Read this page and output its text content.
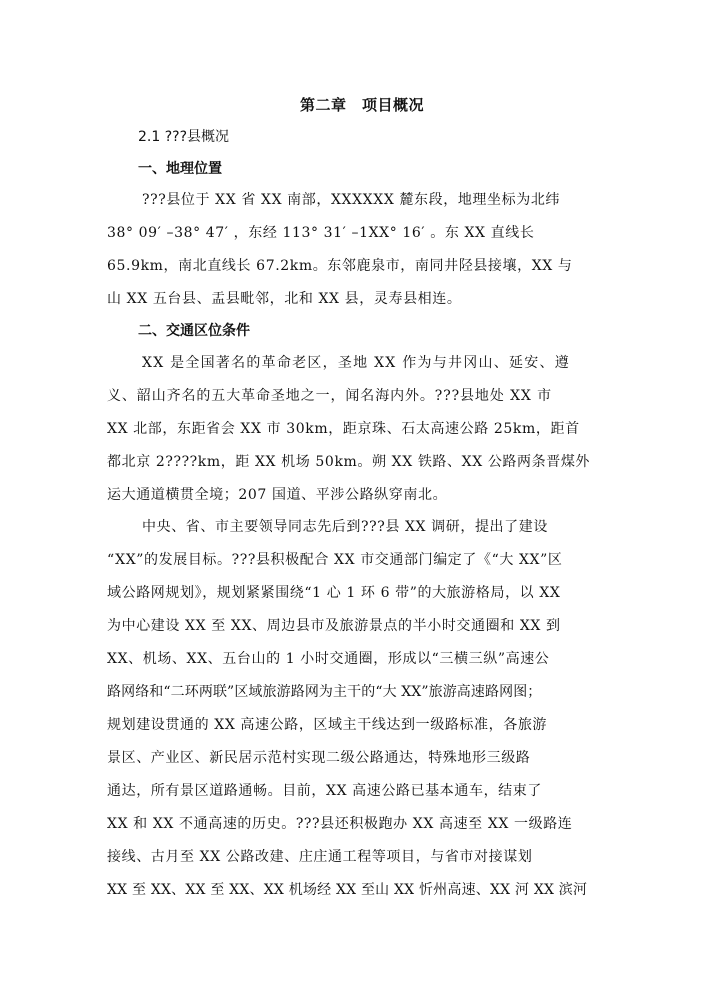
第二章　项目概况
2.1 ???县概况
一、地理位置
???县位于 XX 省 XX 南部，XXXXXX 麓东段，地理坐标为北纬
38° 09′ –38° 47′ ，东经 113° 31′ –1XX° 16′ 。东 XX 直线长
65.9km，南北直线长 67.2km。东邻鹿泉市，南同井陉县接壤，XX 与
山 XX 五台县、盂县毗邻，北和 XX 县，灵寿县相连。
二、交通区位条件
XX 是全国著名的革命老区，圣地 XX 作为与井冈山、延安、遵
义、韶山齐名的五大革命圣地之一，闻名海内外。???县地处 XX 市
XX 北部，东距省会 XX 市 30km，距京珠、石太高速公路 25km，距首
都北京 2????km，距 XX 机场 50km。朔 XX 铁路、XX 公路两条晋煤外
运大通道横贯全境；207 国道、平涉公路纵穿南北。
中央、省、市主要领导同志先后到???县 XX 调研，提出了建设
“XX”的发展目标。???县积极配合 XX 市交通部门编定了《“大 XX”区
域公路网规划》，规划紧紧围绕“1 心 1 环 6 带”的大旅游格局，以 XX
为中心建设 XX 至 XX、周边县市及旅游景点的半小时交通圈和 XX 到
XX、机场、XX、五台山的 1 小时交通圈，形成以“三横三纵”高速公
路网络和“二环两联”区域旅游路网为主干的“大 XX”旅游高速路网图；
规划建设贯通的 XX 高速公路，区域主干线达到一级路标准，各旅游
景区、产业区、新民居示范村实现二级公路通达，特殊地形三级路
通达，所有景区道路通畅。目前，XX 高速公路已基本通车，结束了
XX 和 XX 不通高速的历史。???县还积极跑办 XX 高速至 XX 一级路连
接线、古月至 XX 公路改建、庄庄通工程等项目，与省市对接谋划
XX 至 XX、XX 至 XX、XX 机场经 XX 至山 XX 忻州高速、XX 河 XX 滨河
